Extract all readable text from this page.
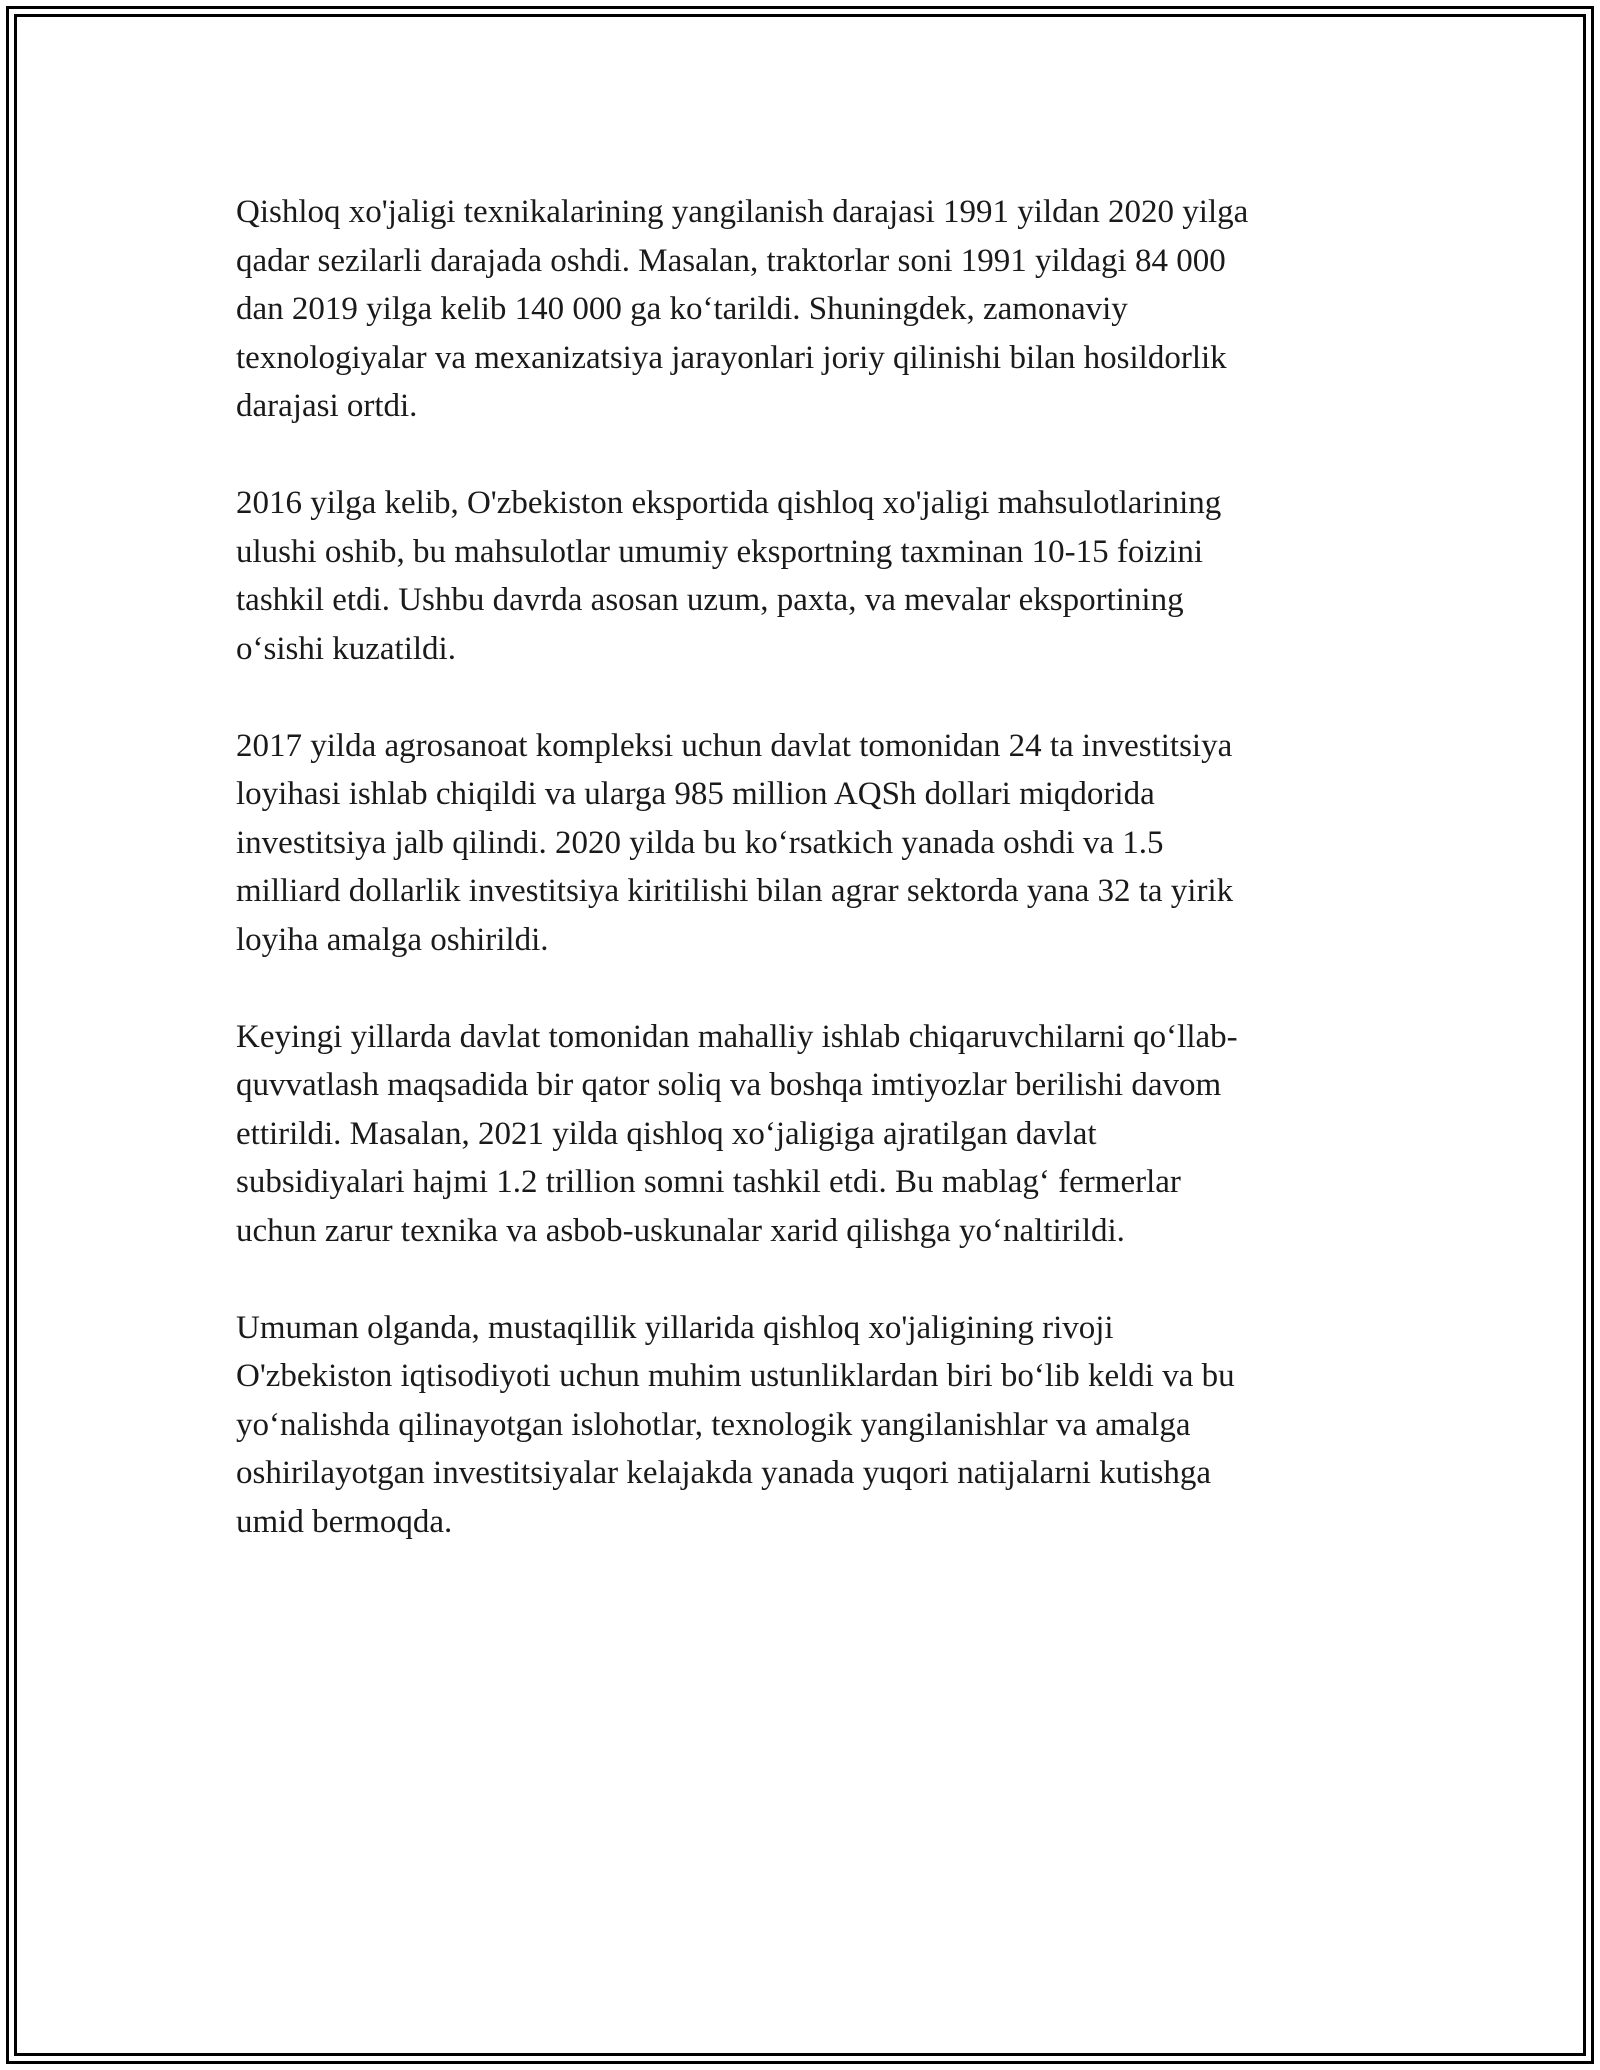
Qishloq xo'jaligi texnikalarining yangilanish darajasi 1991 yildan 2020 yilga
qadar sezilarli darajada oshdi. Masalan, traktorlar soni 1991 yildagi 84 000
dan 2019 yilga kelib 140 000 ga ko‘tarildi. Shuningdek, zamonaviy
texnologiyalar va mexanizatsiya jarayonlari joriy qilinishi bilan hosildorlik
darajasi ortdi.

2016 yilga kelib, O'zbekiston eksportida qishloq xo'jaligi mahsulotlarining
ulushi oshib, bu mahsulotlar umumiy eksportning taxminan 10-15 foizini
tashkil etdi. Ushbu davrda asosan uzum, paxta, va mevalar eksportining
o‘sishi kuzatildi.

2017 yilda agrosanoat kompleksi uchun davlat tomonidan 24 ta investitsiya
loyihasi ishlab chiqildi va ularga 985 million AQSh dollari miqdorida
investitsiya jalb qilindi. 2020 yilda bu ko‘rsatkich yanada oshdi va 1.5
milliard dollarlik investitsiya kiritilishi bilan agrar sektorda yana 32 ta yirik
loyiha amalga oshirildi.

Keyingi yillarda davlat tomonidan mahalliy ishlab chiqaruvchilarni qo‘llab-
quvvatlash maqsadida bir qator soliq va boshqa imtiyozlar berilishi davom
ettirildi. Masalan, 2021 yilda qishloq xo‘jaligiga ajratilgan davlat
subsidiyalari hajmi 1.2 trillion somni tashkil etdi. Bu mablag‘ fermerlar
uchun zarur texnika va asbob-uskunalar xarid qilishga yo‘naltirildi.

Umuman olganda, mustaqillik yillarida qishloq xo'jaligining rivoji
O'zbekiston iqtisodiyoti uchun muhim ustunliklardan biri bo‘lib keldi va bu
yo‘nalishda qilinayotgan islohotlar, texnologik yangilanishlar va amalga
oshirilayotgan investitsiyalar kelajakda yanada yuqori natijalarni kutishga
umid bermoqda.
